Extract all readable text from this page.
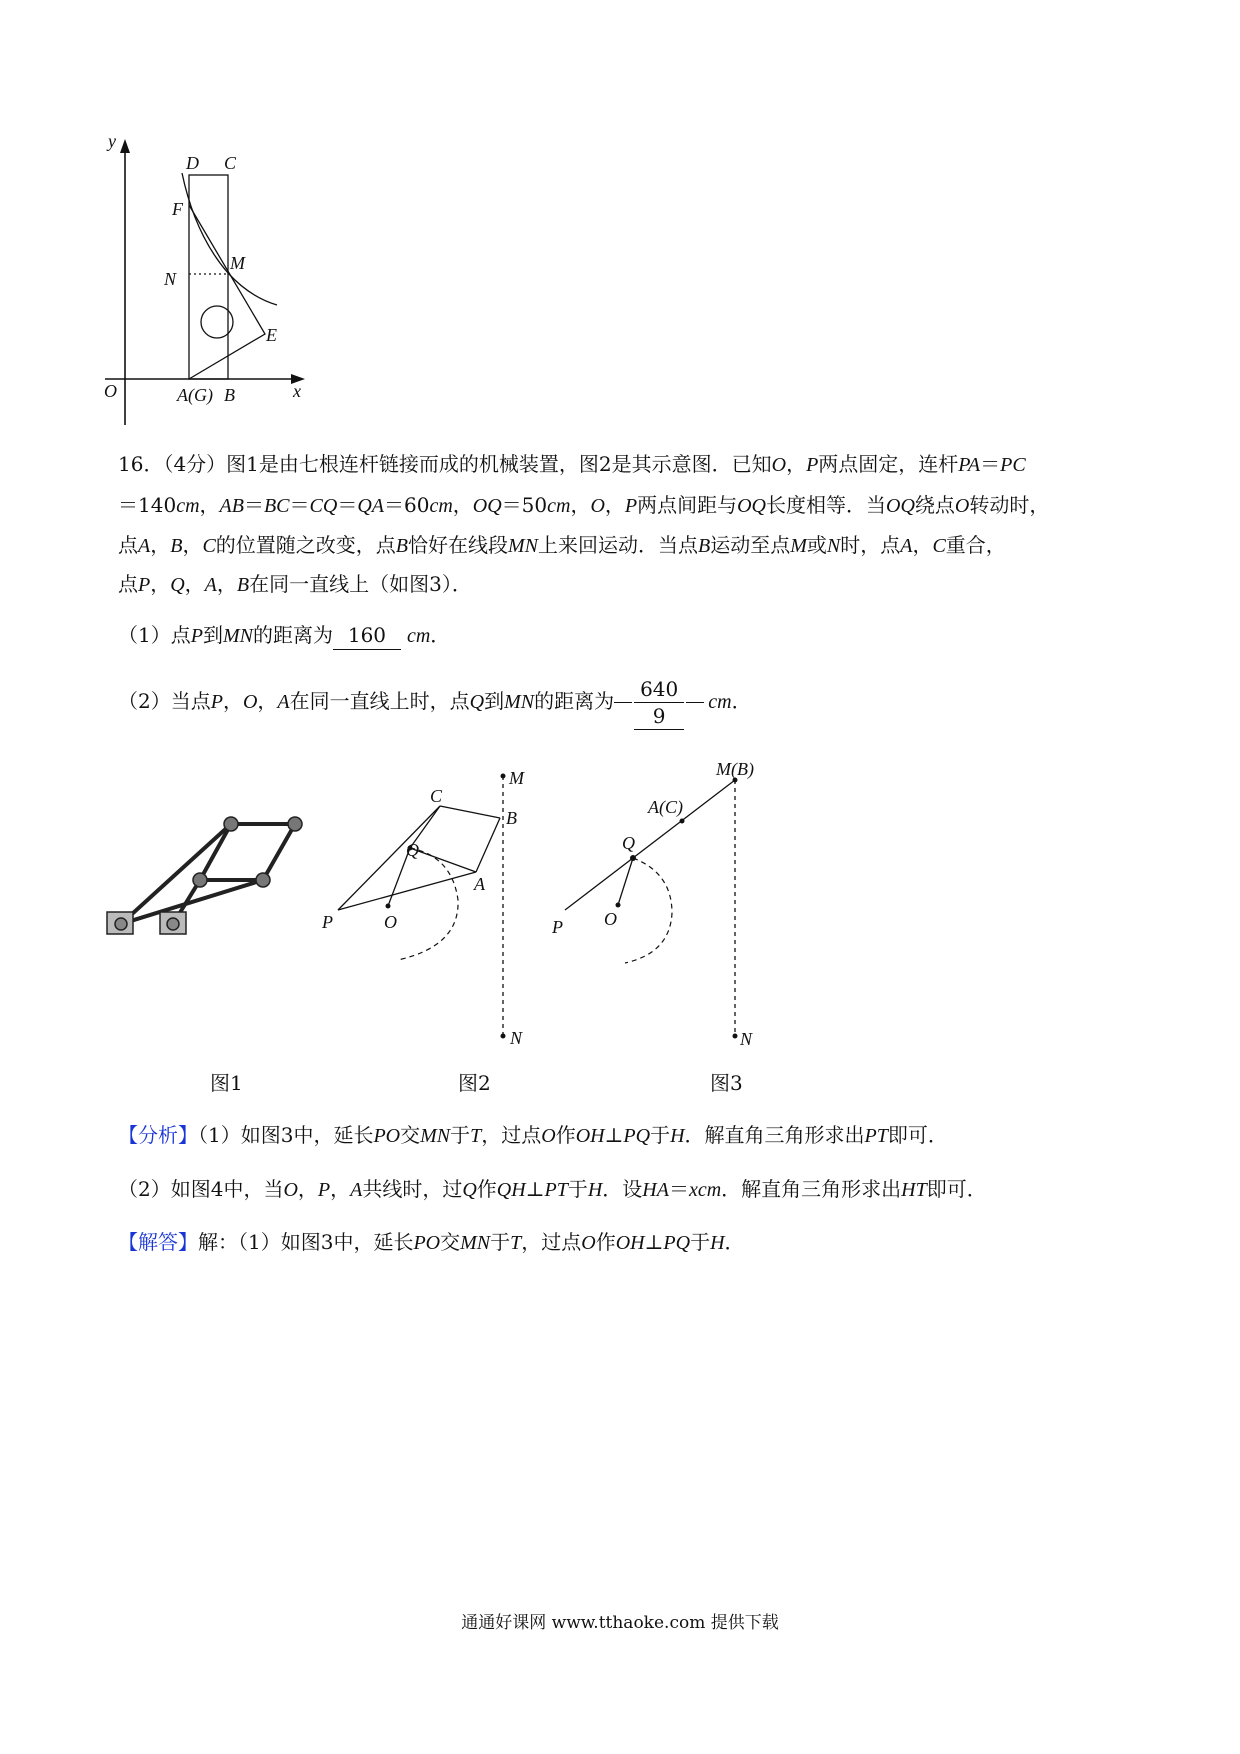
y
D C
F
M
N
E
O	A(G) B	x
16．（4分）图1是由七根连杆链接而成的机械装置，图2是其示意图．已知O，P两点固定，连杆PA＝PC
＝140cm，AB＝BC＝CQ＝QA＝60cm，OQ＝50cm，O，P两点间距与OQ长度相等．当OQ绕点O转动时，
点A，B，C的位置随之改变，点B恰好在线段MN上来回运动．当点B运动至点M或N时，点A，C重合，
点P，Q，A，B在同一直线上（如图3）．
（1）点P到MN的距离为 160 cm．
（2）当点P，O，A在同一直线上时，点Q到MN的距离为 $\frac{640}{9}$ cm．
M
C
B
Q
A
P	O
N
M(B)
A(C)
Q
P O
N
图1	图2	图3
【分析】（1）如图3中，延长PO交MN于T，过点O作OH⊥PQ于H．解直角三角形求出PT即可．
（2）如图4中，当O，P，A共线时，过Q作QH⊥PT于H．设HA＝xcm．解直角三角形求出HT即可．
【解答】解：（1）如图3中，延长PO交MN于T，过点O作OH⊥PQ于H．
通通好课网 www.tthaoke.com 提供下载
